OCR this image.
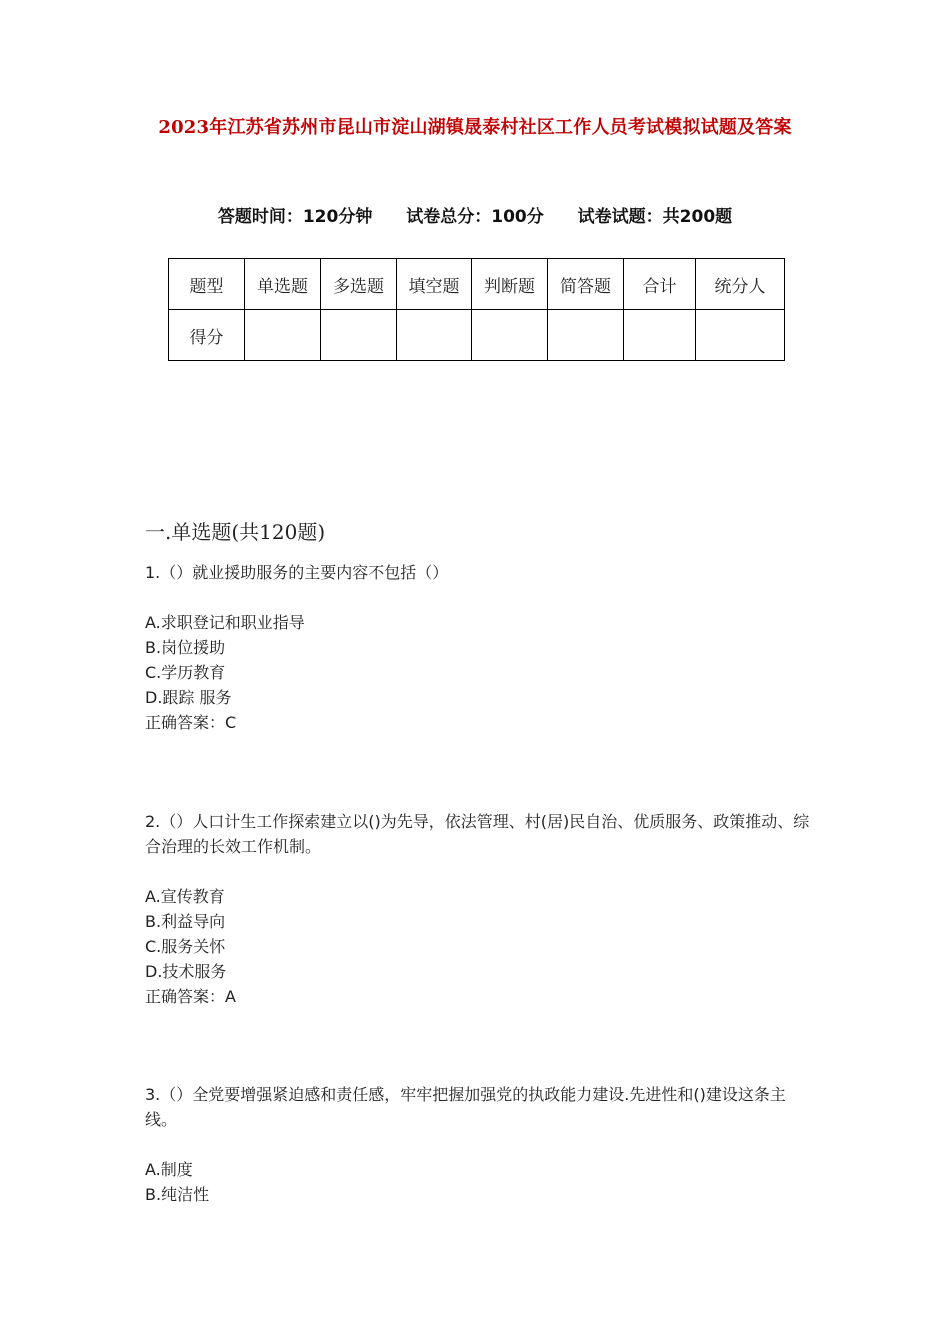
2023年江苏省苏州市昆山市淀山湖镇晟泰村社区工作人员考试模拟试题及答案
答题时间：120分钟 试卷总分：100分 试卷试题：共200题
题型	单选题	多选题	填空题	判断题	简答题	合计	统分人
得分							
一.单选题(共120题)

1.（）就业援助服务的主要内容不包括（）

A.求职登记和职业指导

B.岗位援助

C.学历教育

D.跟踪 服务

正确答案：C

2.（）人口计生工作探索建立以()为先导，依法管理、村(居)民自治、优质服务、政策推动、综合治理的长效工作机制。

A.宣传教育

B.利益导向

C.服务关怀

D.技术服务

正确答案：A

3.（）全党要增强紧迫感和责任感，牢牢把握加强党的执政能力建设.先进性和()建设这条主线。

A.制度

B.纯洁性
